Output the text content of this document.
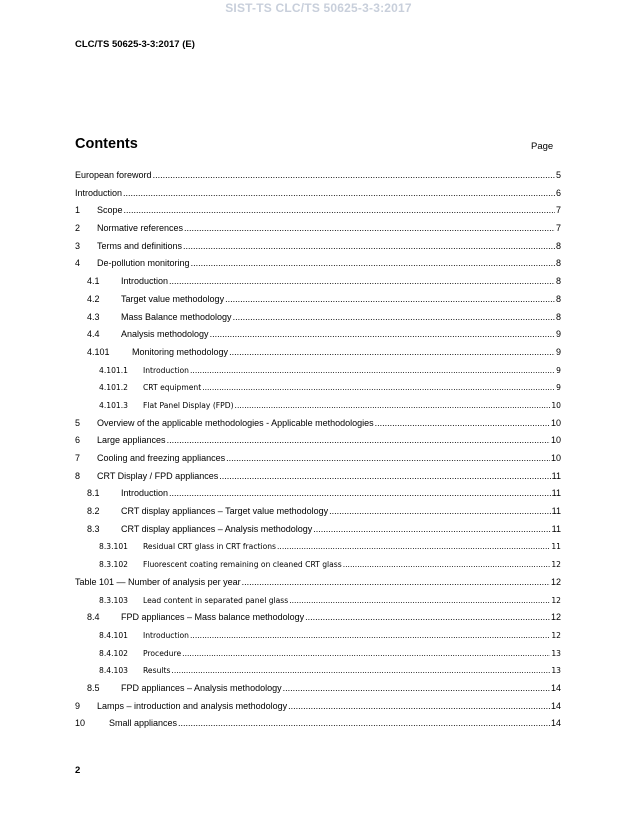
SIST-TS CLC/TS 50625-3-3:2017
CLC/TS 50625-3-3:2017 (E)
Contents	Page
European foreword .....	5
Introduction .....	6
1	Scope .....	7
2	Normative references .....	7
3	Terms and definitions .....	8
4	De-pollution monitoring .....	8
4.1	Introduction .....	8
4.2	Target value methodology .....	8
4.3	Mass Balance methodology .....	8
4.4	Analysis methodology .....	9
4.101	Monitoring methodology .....	9
4.101.1	Introduction .....	9
4.101.2	CRT equipment .....	9
4.101.3	Flat Panel Display (FPD) .....	10
5	Overview of the applicable methodologies - Applicable methodologies .....	10
6	Large appliances .....	10
7	Cooling and freezing appliances .....	10
8	CRT Display / FPD appliances .....	11
8.1	Introduction .....	11
8.2	CRT display appliances – Target value methodology .....	11
8.3	CRT display appliances – Analysis methodology .....	11
8.3.101	Residual CRT glass in CRT fractions .....	11
8.3.102	Fluorescent coating remaining on cleaned CRT glass .....	12
Table 101 — Number of analysis per year .....	12
8.3.103	Lead content in separated panel glass .....	12
8.4	FPD appliances – Mass balance methodology .....	12
8.4.101	Introduction .....	12
8.4.102	Procedure .....	13
8.4.103	Results .....	13
8.5	FPD appliances – Analysis methodology .....	14
9	Lamps – introduction and analysis methodology .....	14
10	Small appliances .....	14
2
